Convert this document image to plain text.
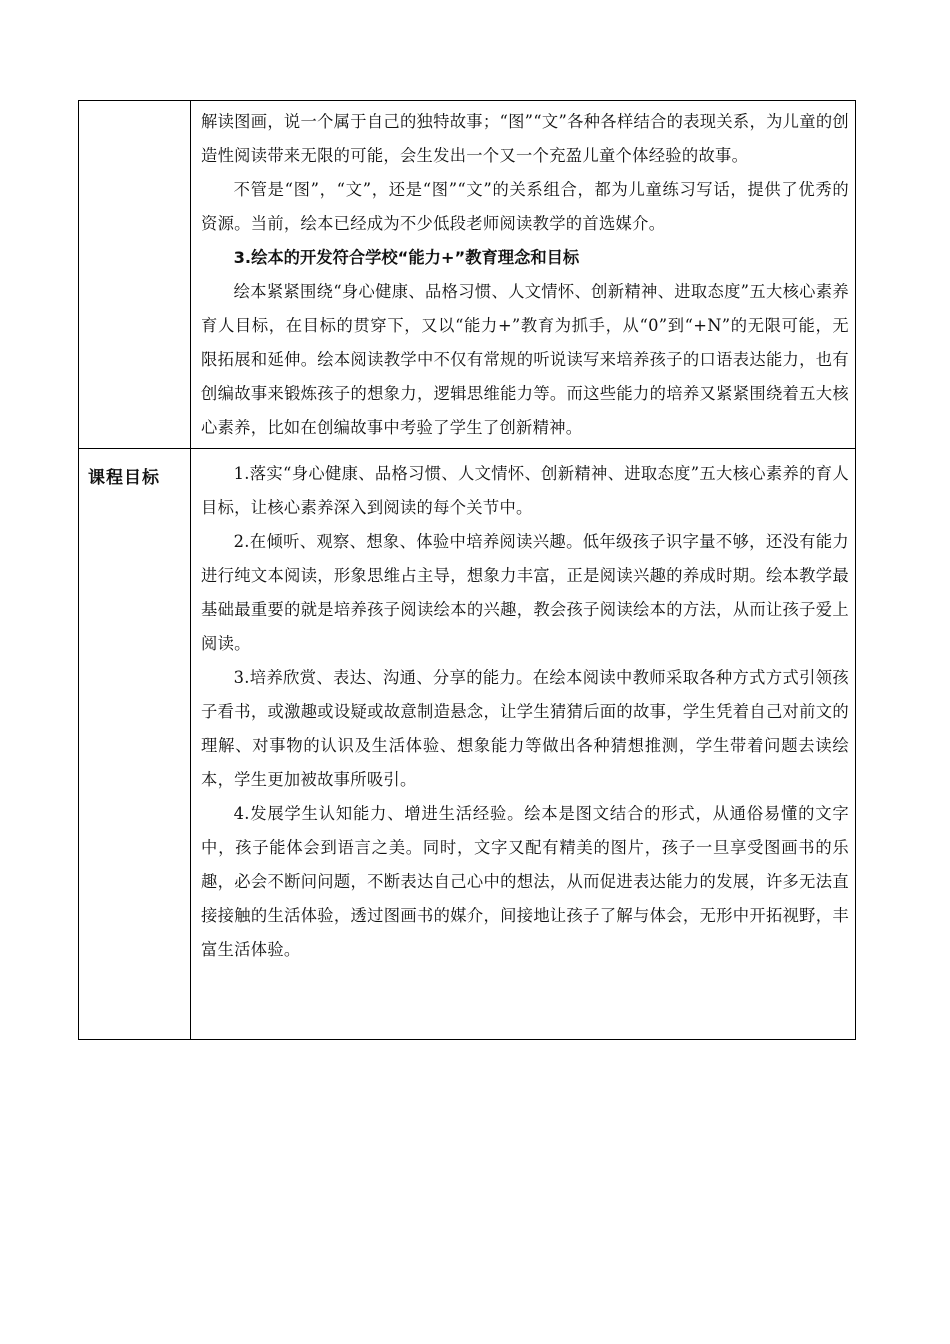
	解读图画，说一个属于自己的独特故事；“图”“文”各种各样结合的表现关系，为儿童的创造性阅读带来无限的可能，会生发出一个又一个充盈儿童个体经验的故事。

不管是“图”，“文”，还是“图”“文”的关系组合，都为儿童练习写话，提供了优秀的资源。当前，绘本已经成为不少低段老师阅读教学的首选媒介。

3.绘本的开发符合学校“能力+”教育理念和目标

绘本紧紧围绕“身心健康、品格习惯、人文情怀、创新精神、进取态度”五大核心素养育人目标，在目标的贯穿下，又以“能力+”教育为抓手，从“0”到“+N”的无限可能，无限拓展和延伸。绘本阅读教学中不仅有常规的听说读写来培养孩子的口语表达能力，也有创编故事来锻炼孩子的想象力，逻辑思维能力等。而这些能力的培养又紧紧围绕着五大核心素养，比如在创编故事中考验了学生了创新精神。

课程目标	1.落实“身心健康、品格习惯、人文情怀、创新精神、进取态度”五大核心素养的育人目标，让核心素养深入到阅读的每个关节中。

2.在倾听、观察、想象、体验中培养阅读兴趣。低年级孩子识字量不够，还没有能力进行纯文本阅读，形象思维占主导，想象力丰富，正是阅读兴趣的养成时期。绘本教学最基础最重要的就是培养孩子阅读绘本的兴趣，教会孩子阅读绘本的方法，从而让孩子爱上阅读。

3.培养欣赏、表达、沟通、分享的能力。在绘本阅读中教师采取各种方式方式引领孩子看书，或激趣或设疑或故意制造悬念，让学生猜猜后面的故事，学生凭着自己对前文的理解、对事物的认识及生活体验、想象能力等做出各种猜想推测，学生带着问题去读绘本，学生更加被故事所吸引。

4.发展学生认知能力、增进生活经验。绘本是图文结合的形式，从通俗易懂的文字中，孩子能体会到语言之美。同时，文字又配有精美的图片，孩子一旦享受图画书的乐趣，必会不断问问题，不断表达自己心中的想法，从而促进表达能力的发展，许多无法直接接触的生活体验，透过图画书的媒介，间接地让孩子了解与体会，无形中开拓视野，丰富生活体验。
